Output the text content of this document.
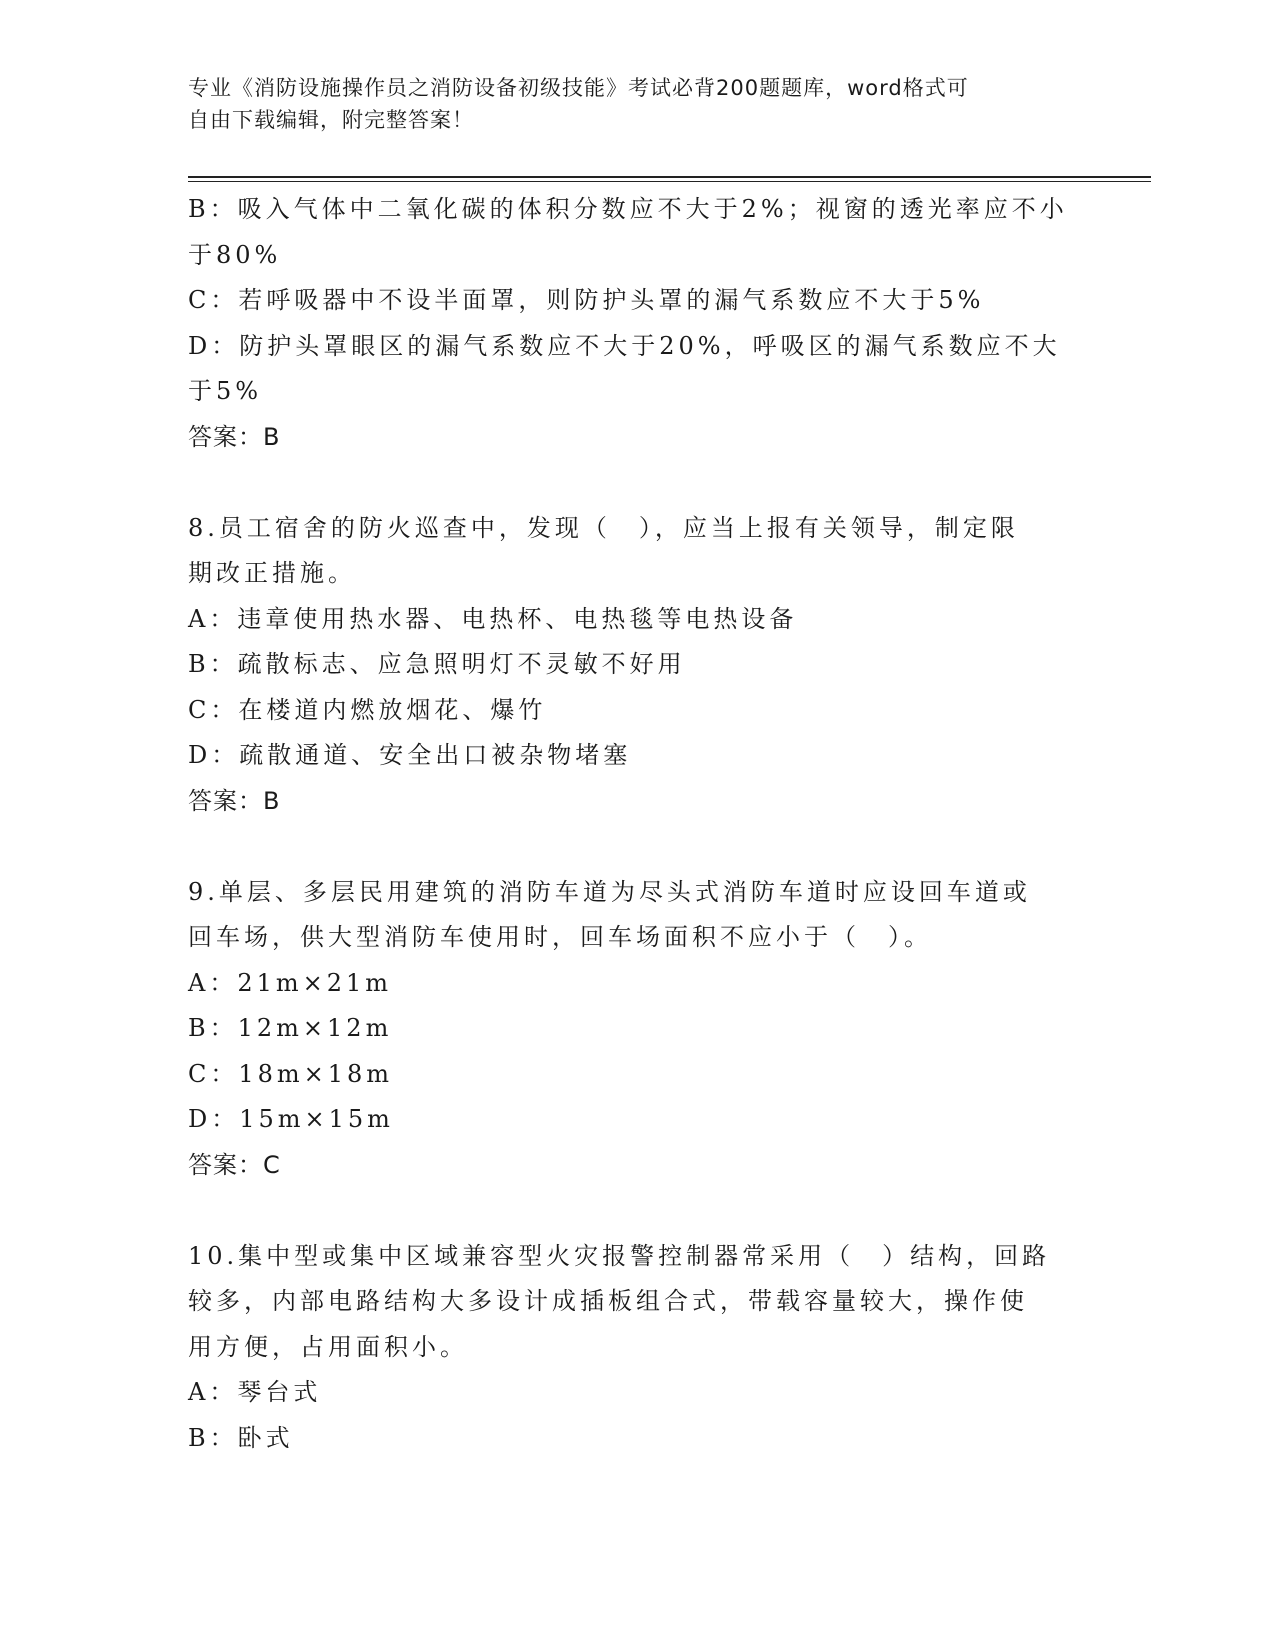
专业《消防设施操作员之消防设备初级技能》考试必背200题题库，word格式可
自由下载编辑，附完整答案！
B：吸入气体中二氧化碳的体积分数应不大于2%；视窗的透光率应不小
于80%
C：若呼吸器中不设半面罩，则防护头罩的漏气系数应不大于5%
D：防护头罩眼区的漏气系数应不大于20%，呼吸区的漏气系数应不大
于5%
答案：B
8.员工宿舍的防火巡查中，发现（　），应当上报有关领导，制定限
期改正措施。
A：违章使用热水器、电热杯、电热毯等电热设备
B：疏散标志、应急照明灯不灵敏不好用
C：在楼道内燃放烟花、爆竹
D：疏散通道、安全出口被杂物堵塞
答案：B
9.单层、多层民用建筑的消防车道为尽头式消防车道时应设回车道或
回车场，供大型消防车使用时，回车场面积不应小于（　）。
A：21m×21m
B：12m×12m
C：18m×18m
D：15m×15m
答案：C
10.集中型或集中区域兼容型火灾报警控制器常采用（　）结构，回路
较多，内部电路结构大多设计成插板组合式，带载容量较大，操作使
用方便，占用面积小。
A：琴台式
B：卧式
